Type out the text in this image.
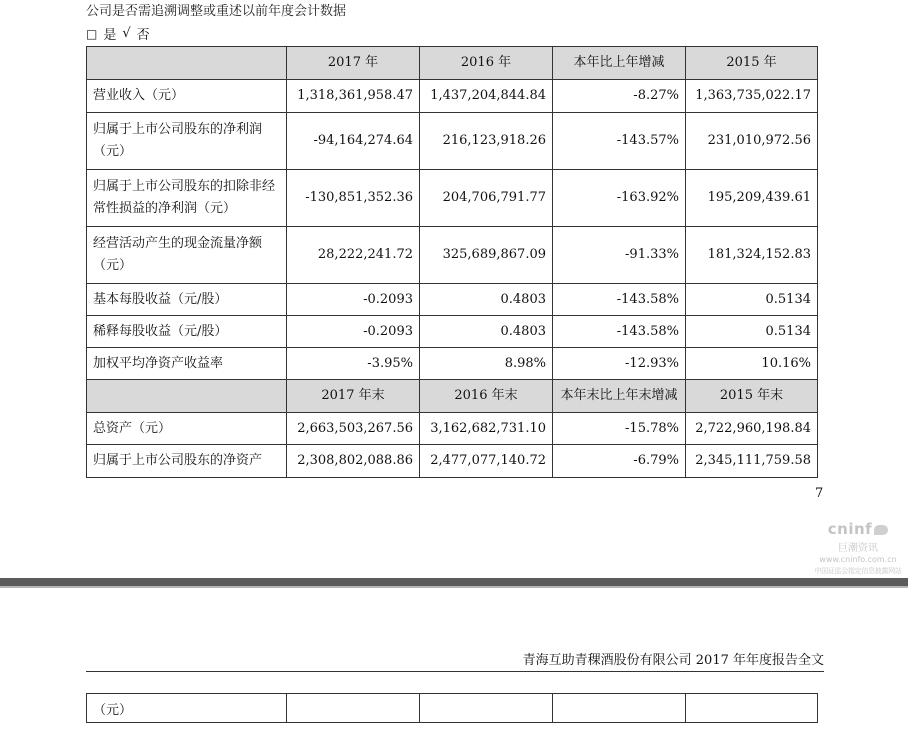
公司是否需追溯调整或重述以前年度会计数据
□ 是 √ 否
	2017 年	2016 年	本年比上年增减	2015 年
营业收入（元）	1,318,361,958.47	1,437,204,844.84	-8.27%	1,363,735,022.17
归属于上市公司股东的净利润（元）	-94,164,274.64	216,123,918.26	-143.57%	231,010,972.56
归属于上市公司股东的扣除非经常性损益的净利润（元）	-130,851,352.36	204,706,791.77	-163.92%	195,209,439.61
经营活动产生的现金流量净额（元）	28,222,241.72	325,689,867.09	-91.33%	181,324,152.83
基本每股收益（元/股）	-0.2093	0.4803	-143.58%	0.5134
稀释每股收益（元/股）	-0.2093	0.4803	-143.58%	0.5134
加权平均净资产收益率	-3.95%	8.98%	-12.93%	10.16%
	2017 年末	2016 年末	本年末比上年末增减	2015 年末
总资产（元）	2,663,503,267.56	3,162,682,731.10	-15.78%	2,722,960,198.84
归属于上市公司股东的净资产	2,308,802,088.86	2,477,077,140.72	-6.79%	2,345,111,759.58
7
cninf
巨潮资讯
www.cninfo.com.cn
中国证监会指定信息披露网站
青海互助青稞酒股份有限公司 2017 年年度报告全文
（元）				
